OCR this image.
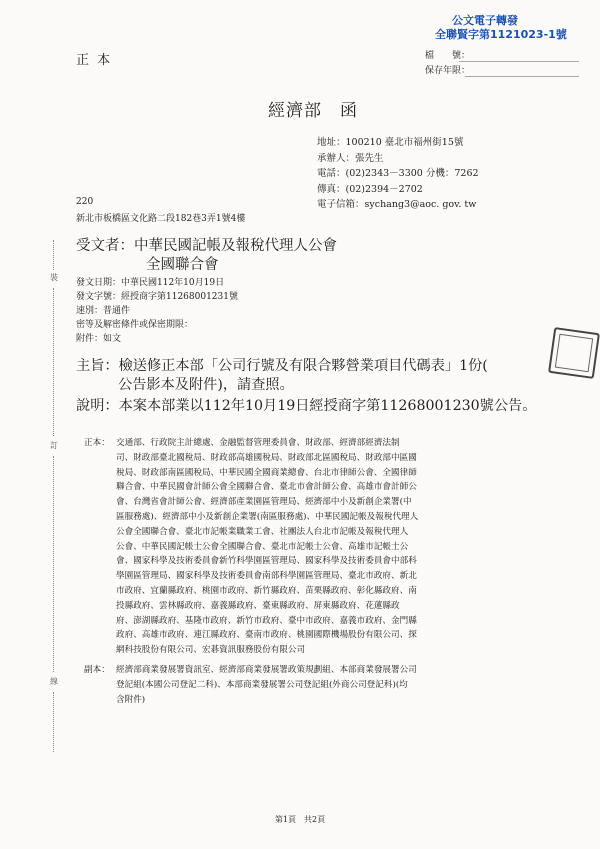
正 本
公文電子轉發
全聯賢字第1121023-1號
檔　　號：
保存年限：
經濟部　函
地址：100210 臺北市福州街15號
承辦人：張先生
電話：(02)2343－3300 分機：7262
傳真：(02)2394－2702
電子信箱：sychang3@aoc. gov. tw
220
新北市板橋區文化路二段182巷3弄1號4樓
受文者：中華民國記帳及報稅代理人公會
全國聯合會
發文日期：中華民國112年10月19日
發文字號：經授商字第11268001231號
速別：普通件
密等及解密條件或保密期限：
附件：如文
主旨：檢送修正本部「公司行號及有限合夥營業項目代碼表」1份(
公告影本及附件)，請查照。
說明：本案本部業以112年10月19日經授商字第11268001230號公告。
正本： 交通部、行政院主計總處、金融監督管理委員會、財政部、經濟部經濟法制
司、財政部臺北國稅局、財政部高雄國稅局、財政部北區國稅局、財政部中區國
稅局、財政部南區國稅局、中華民國全國商業總會、台北市律師公會、全國律師
聯合會、中華民國會計師公會全國聯合會、臺北市會計師公會、高雄市會計師公
會、台灣省會計師公會、經濟部產業園區管理局、經濟部中小及新創企業署(中
區服務處)、經濟部中小及新創企業署(南區服務處)、中華民國記帳及報稅代理人
公會全國聯合會、臺北市記帳業職業工會、社團法人台北市記帳及報稅代理人
公會、中華民國記帳士公會全國聯合會、臺北市記帳士公會、高雄市記帳士公
會、國家科學及技術委員會新竹科學園區管理局、國家科學及技術委員會中部科
學園區管理局、國家科學及技術委員會南部科學園區管理局、臺北市政府、新北
市政府、宜蘭縣政府、桃園市政府、新竹縣政府、苗栗縣政府、彰化縣政府、南
投縣政府、雲林縣政府、嘉義縣政府、臺東縣政府、屏東縣政府、花蓮縣政
府、澎湖縣政府、基隆市政府、新竹市政府、臺中市政府、嘉義市政府、金門縣
政府、高雄市政府、連江縣政府、臺南市政府、桃園國際機場股份有限公司、探
網科技股份有限公司、宏碁資訊服務股份有限公司
副本： 經濟部商業發展署資訊室、經濟部商業發展署政策規劃組、本部商業發展署公司
登記組(本國公司登記二科)、本部商業發展署公司登記組(外商公司登記科)(均
含附件)
裝
訂
線
第1頁　共2頁
